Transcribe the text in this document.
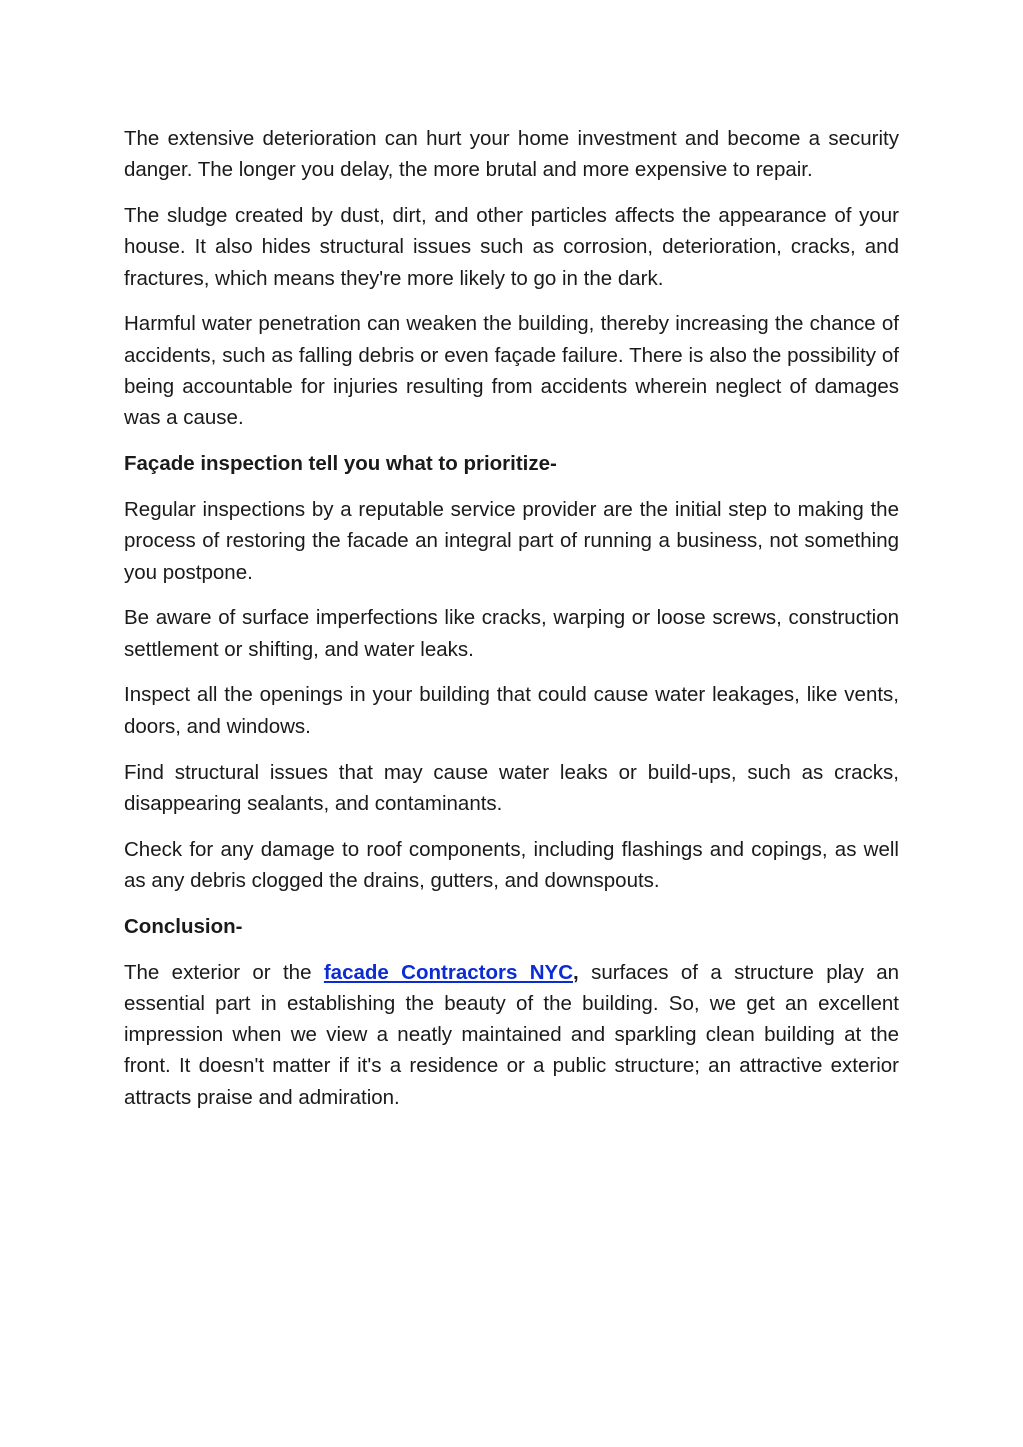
The extensive deterioration can hurt your home investment and become a security danger. The longer you delay, the more brutal and more expensive to repair.

The sludge created by dust, dirt, and other particles affects the appearance of your house. It also hides structural issues such as corrosion, deterioration, cracks, and fractures, which means they're more likely to go in the dark.

Harmful water penetration can weaken the building, thereby increasing the chance of accidents, such as falling debris or even façade failure. There is also the possibility of being accountable for injuries resulting from accidents wherein neglect of damages was a cause.

Façade inspection tell you what to prioritize-

Regular inspections by a reputable service provider are the initial step to making the process of restoring the facade an integral part of running a business, not something you postpone.

Be aware of surface imperfections like cracks, warping or loose screws, construction settlement or shifting, and water leaks.

Inspect all the openings in your building that could cause water leakages, like vents, doors, and windows.

Find structural issues that may cause water leaks or build-ups, such as cracks, disappearing sealants, and contaminants.

Check for any damage to roof components, including flashings and copings, as well as any debris clogged the drains, gutters, and downspouts.

Conclusion-

The exterior or the facade Contractors NYC, surfaces of a structure play an essential part in establishing the beauty of the building. So, we get an excellent impression when we view a neatly maintained and sparkling clean building at the front. It doesn't matter if it's a residence or a public structure; an attractive exterior attracts praise and admiration.
